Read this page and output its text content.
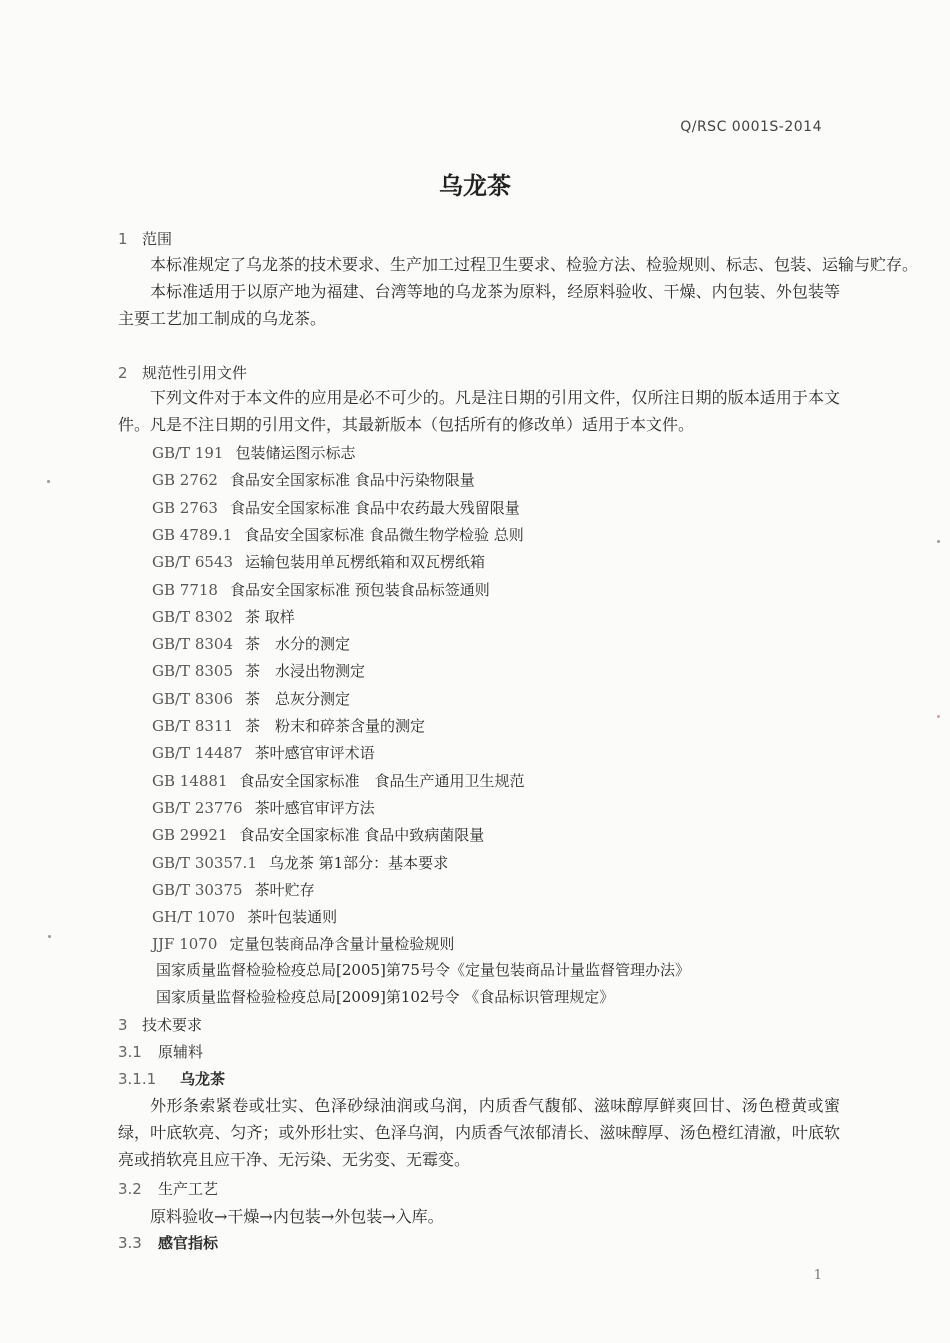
Q/RSC 0001S-2014
乌龙茶
1 范围

本标准规定了乌龙茶的技术要求、生产加工过程卫生要求、检验方法、检验规则、标志、包装、运输与贮存。

本标准适用于以原产地为福建、台湾等地的乌龙茶为原料，经原料验收、干燥、内包装、外包装等主要工艺加工制成的乌龙茶。

2 规范性引用文件

下列文件对于本文件的应用是必不可少的。凡是注日期的引用文件，仅所注日期的版本适用于本文件。凡是不注日期的引用文件，其最新版本（包括所有的修改单）适用于本文件。

GB/T 191 包装储运图示标志
GB 2762 食品安全国家标准 食品中污染物限量
GB 2763 食品安全国家标准 食品中农药最大残留限量
GB 4789.1 食品安全国家标准 食品微生物学检验 总则
GB/T 6543 运输包装用单瓦楞纸箱和双瓦楞纸箱
GB 7718 食品安全国家标准 预包装食品标签通则
GB/T 8302 茶 取样
GB/T 8304 茶　水分的测定
GB/T 8305 茶　水浸出物测定
GB/T 8306 茶　总灰分测定
GB/T 8311 茶　粉末和碎茶含量的测定
GB/T 14487 茶叶感官审评术语
GB 14881 食品安全国家标准　食品生产通用卫生规范
GB/T 23776 茶叶感官审评方法
GB 29921 食品安全国家标准 食品中致病菌限量
GB/T 30357.1 乌龙茶 第1部分：基本要求
GB/T 30375 茶叶贮存
GH/T 1070 茶叶包装通则
JJF 1070 定量包装商品净含量计量检验规则
国家质量监督检验检疫总局[2005]第75号令《定量包装商品计量监督管理办法》
国家质量监督检验检疫总局[2009]第102号令 《食品标识管理规定》
3 技术要求
3.1 原辅料
3.1.1 乌龙茶

外形条索紧卷或壮实、色泽砂绿油润或乌润，内质香气馥郁、滋味醇厚鲜爽回甘、汤色橙黄或蜜绿，叶底软亮、匀齐；或外形壮实、色泽乌润，内质香气浓郁清长、滋味醇厚、汤色橙红清澈，叶底软亮或捎软亮且应干净、无污染、无劣变、无霉变。

3.2 生产工艺

原料验收→干燥→内包装→外包装→入库。

3.3 感官指标
1
